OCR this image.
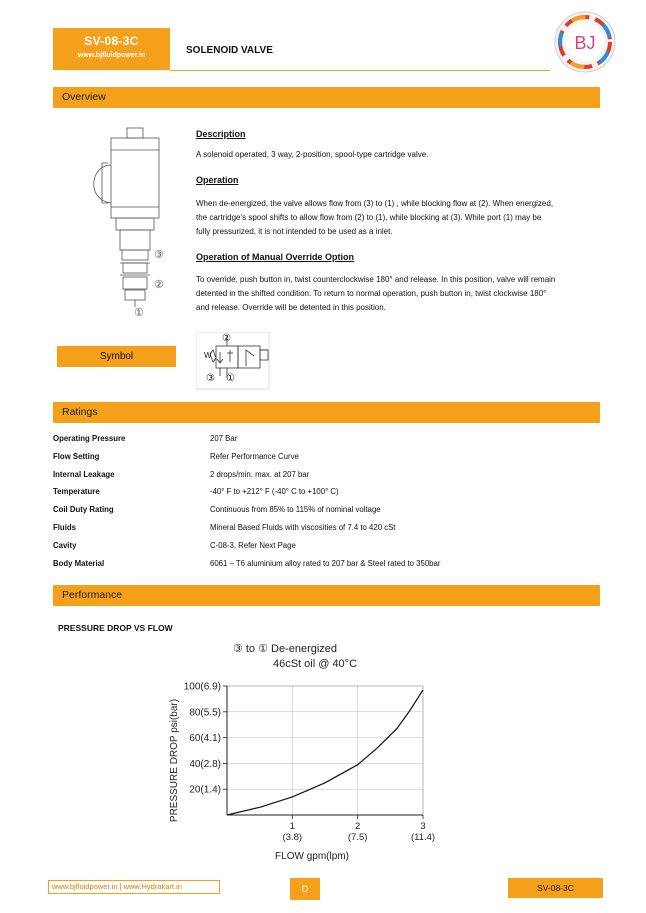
SV-08-3C
www.bjfluidpower.in	SOLENOID VALVE	BJ
Overview
③
②
①
Description
A solenoid operated, 3 way, 2-position, spool-type cartridge valve.
Operation
When de-energized, the valve allows flow from (3) to (1) , while blocking flow at (2). When energized, the cartridge’s spool shifts to allow flow from (2) to (1), while blocking at (3). While port (1) may be fully pressurized, it is not intended to be used as a inlet.
Operation of Manual Override Option
To override, push button in, twist counterclockwise 180° and release. In this position, valve will remain detented in the shifted condition. To return to normal operation, push button in, twist clockwise 180° and release. Override will be detented in this position.
Symbol	W
②
③ ①
Ratings
Operating Pressure	207 Bar
Flow Setting	Refer Performance Curve
Internal Leakage	2 drops/min. max. at 207 bar
Temperature	-40° F to +212° F (-40° C to +100° C)
Coil Duty Rating	Continuous from 85% to 115% of nominal voltage
Fluids	Mineral Based Fluids with viscosities of 7.4 to 420 cSt
Cavity	C-08-3, Refer Next Page
Body Material	6061 – T6 aluminium alloy rated to 207 bar & Steel rated to 350bar
Performance
PRESSURE DROP VS FLOW
③ to ① De-energized
46cSt oil @ 40°C
20(1.4)
40(2.8)
60(4.1)
80(5.5)
100(6.9)
1
(3.8)
2
(7.5)
3
(11.4)
PRESSURE DROP psi(bar)
FLOW gpm(lpm)
www.bjfluidpower.in | www.Hydrakart.in	D	SV-08-3C
